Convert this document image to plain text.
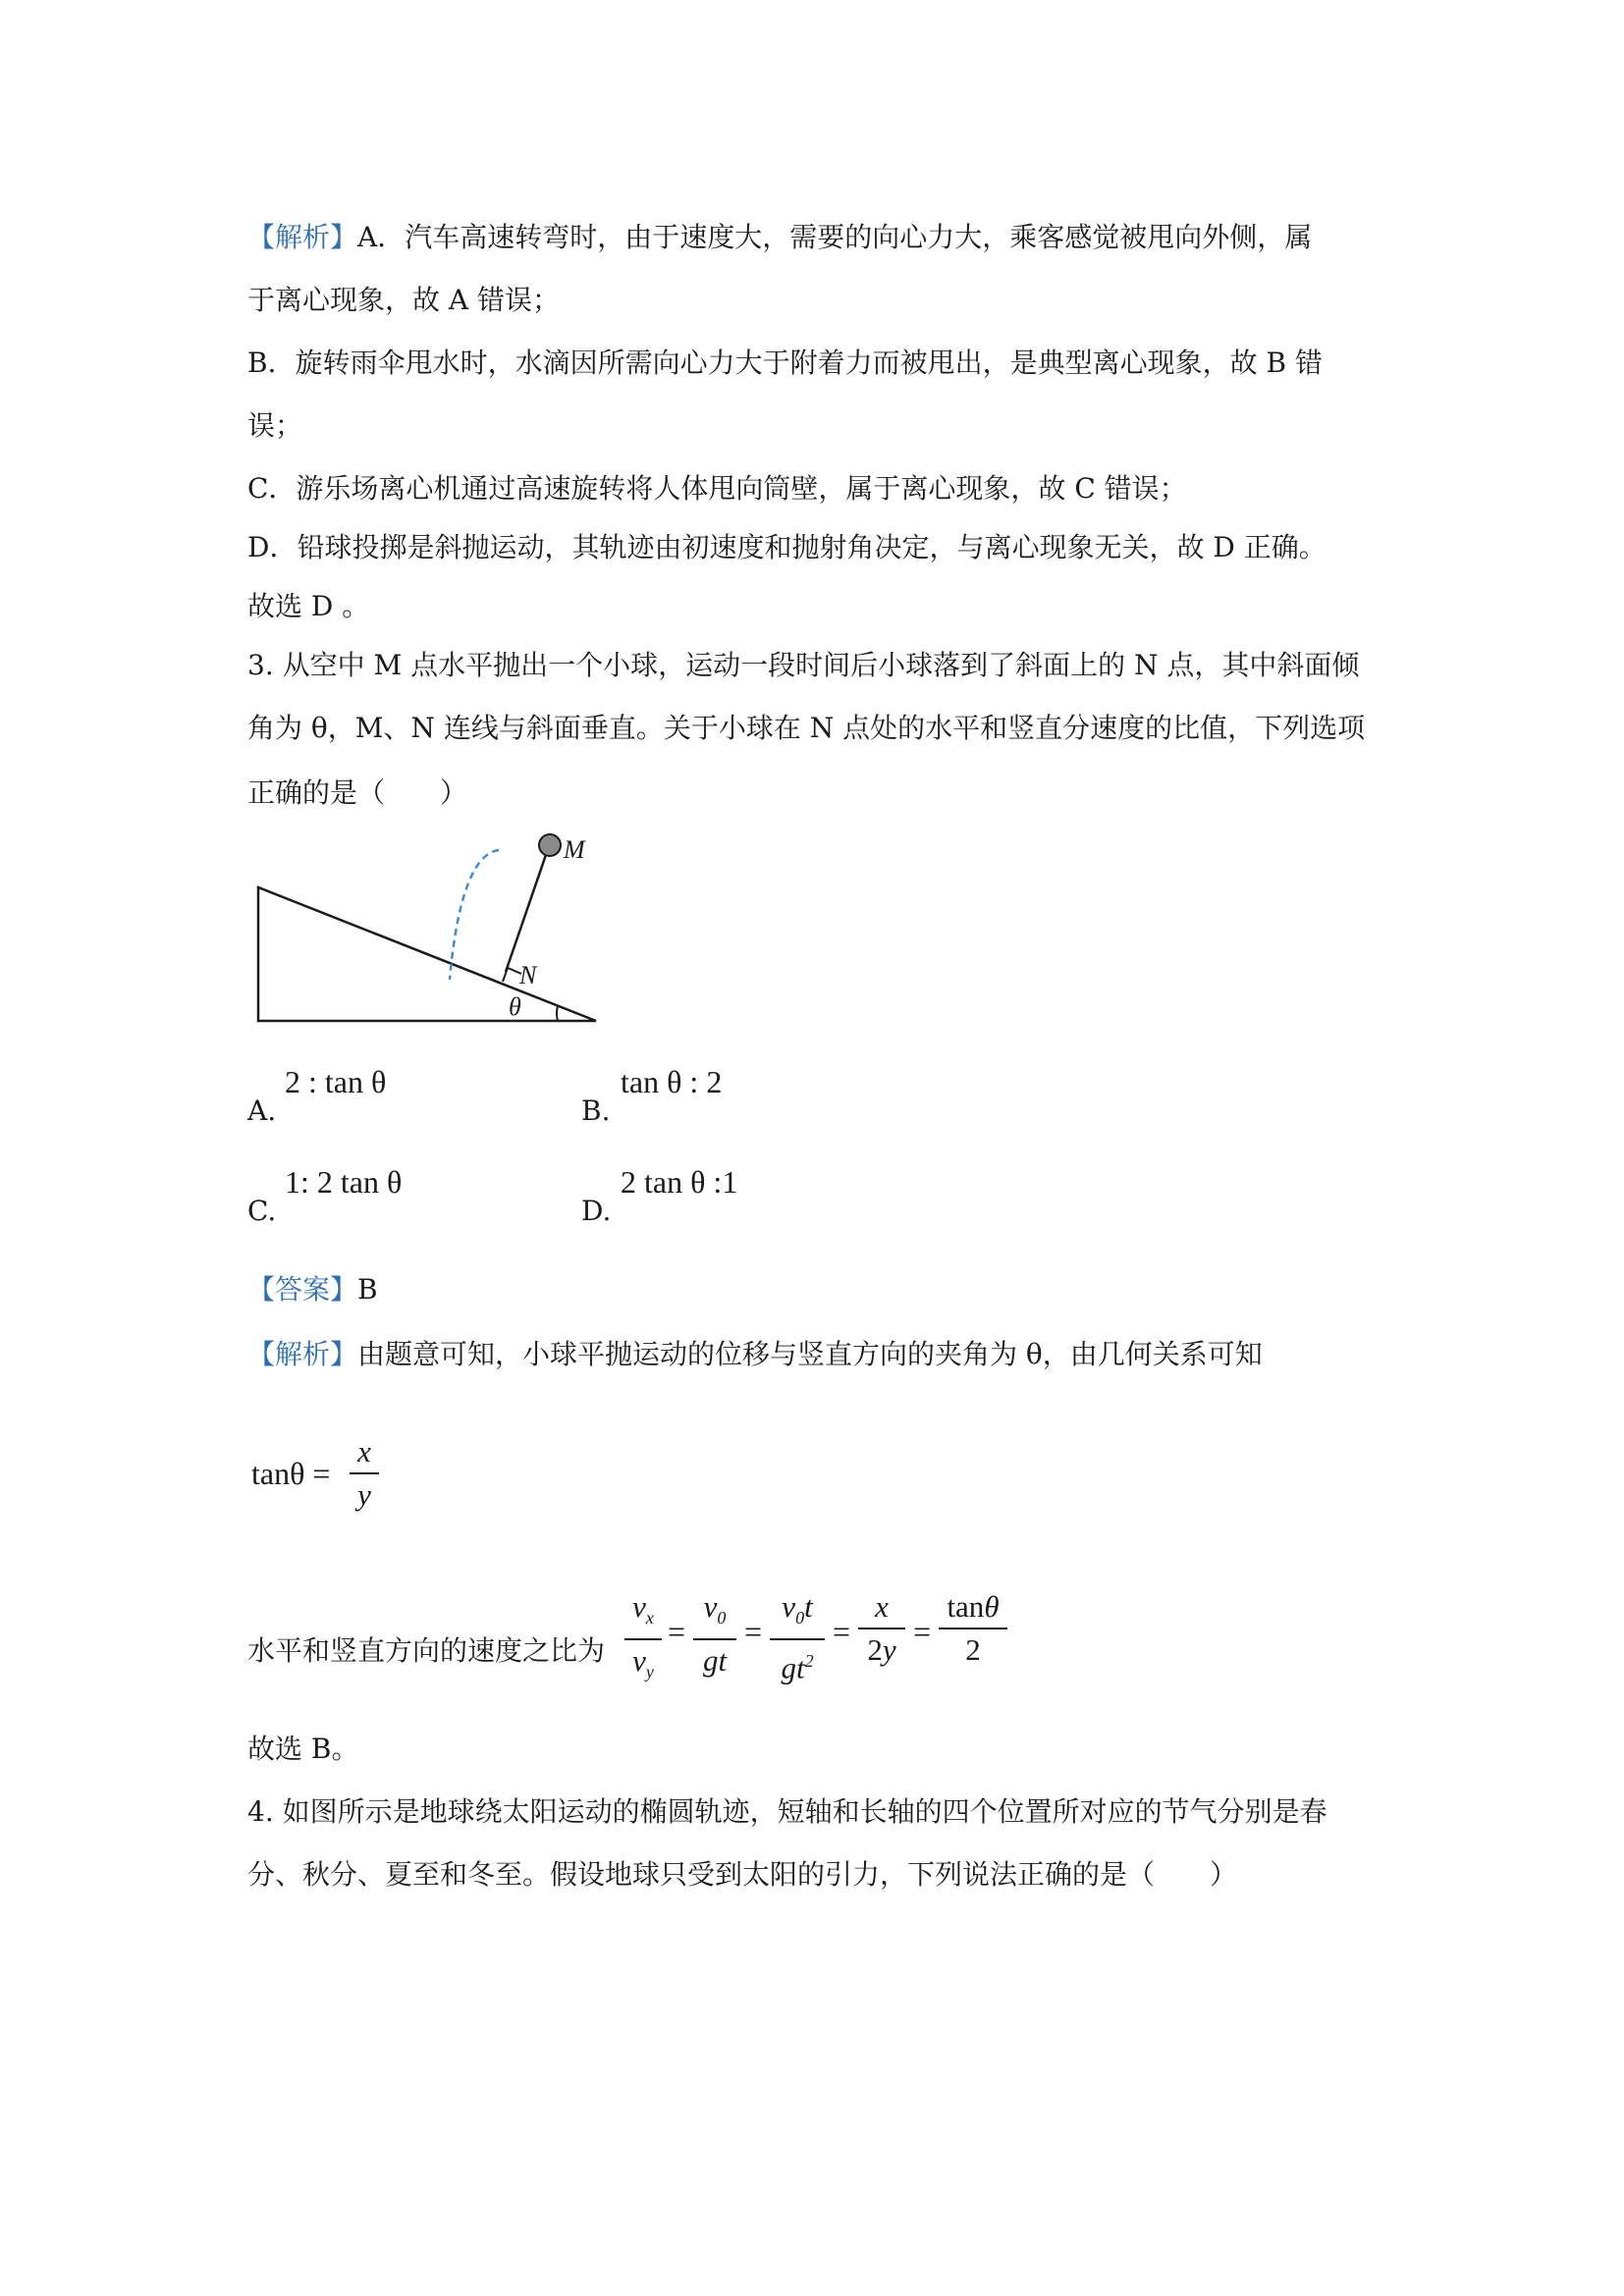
【解析】A．汽车高速转弯时，由于速度大，需要的向心力大，乘客感觉被甩向外侧，属
于离心现象，故 A 错误；
B．旋转雨伞甩水时，水滴因所需向心力大于附着力而被甩出，是典型离心现象，故 B 错
误；
C．游乐场离心机通过高速旋转将人体甩向筒壁，属于离心现象，故 C 错误；
D．铅球投掷是斜抛运动，其轨迹由初速度和抛射角决定，与离心现象无关，故 D 正确。
故选 D 。
3. 从空中 M 点水平抛出一个小球，运动一段时间后小球落到了斜面上的 N 点，其中斜面倾
角为 θ，M、N 连线与斜面垂直。关于小球在 N 点处的水平和竖直分速度的比值，下列选项
正确的是（　　）
M
N
θ
A.
2 : tan θ
B.
tan θ : 2
C.
1: 2 tan θ
D.
2 tan θ :1
【答案】B
【解析】由题意可知，小球平抛运动的位移与竖直方向的夹角为 θ，由几何关系可知
tanθ =
x
y
水平和竖直方向的速度之比为
$v_x$
$v_y$
=
$v_0$
gt
=
$v_0t$
$gt^2$
=
x
2y
=
tanθ
2
故选 B。
4. 如图所示是地球绕太阳运动的椭圆轨迹，短轴和长轴的四个位置所对应的节气分别是春
分、秋分、夏至和冬至。假设地球只受到太阳的引力，下列说法正确的是（　　）
